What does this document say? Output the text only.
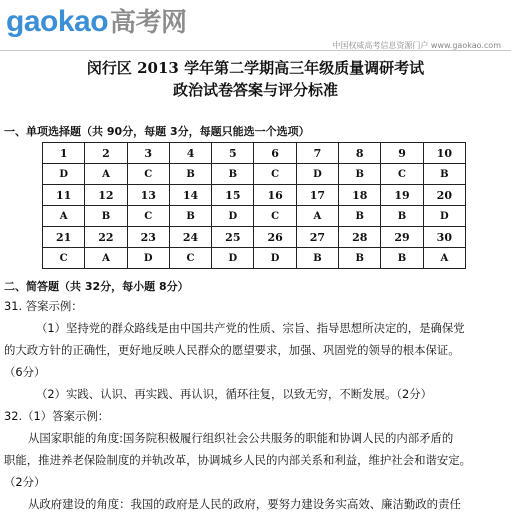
gaokao高考网
中国权威高考信息资源门户 www.gaokao.com
闵行区 2013 学年第二学期高三年级质量调研考试
政治试卷答案与评分标准
一、单项选择题（共 90分，每题 3分，每题只能选一个选项）
1	2	3	4	5	6	7	8	9	10
D	A	C	B	B	C	D	B	C	B
11	12	13	14	15	16	17	18	19	20
A	B	C	B	D	C	A	B	B	D
21	22	23	24	25	26	27	28	29	30
C	A	D	C	D	D	B	B	B	A
二、简答题（共 32分，每小题 8分）
31. 答案示例：
（1）坚持党的群众路线是由中国共产党的性质、宗旨、指导思想所决定的，是确保党
的大政方针的正确性，更好地反映人民群众的愿望要求，加强、巩固党的领导的根本保证。
（6分）
（2）实践、认识、再实践、再认识，循环往复，以致无穷，不断发展。（2分）
32.（1）答案示例：
从国家职能的角度:国务院积极履行组织社会公共服务的职能和协调人民的内部矛盾的
职能，推进养老保险制度的并轨改革，协调城乡人民的内部关系和利益，维护社会和谐安定。
（2分）
从政府建设的角度：我国的政府是人民的政府，要努力建设务实高效、廉洁勤政的责任
